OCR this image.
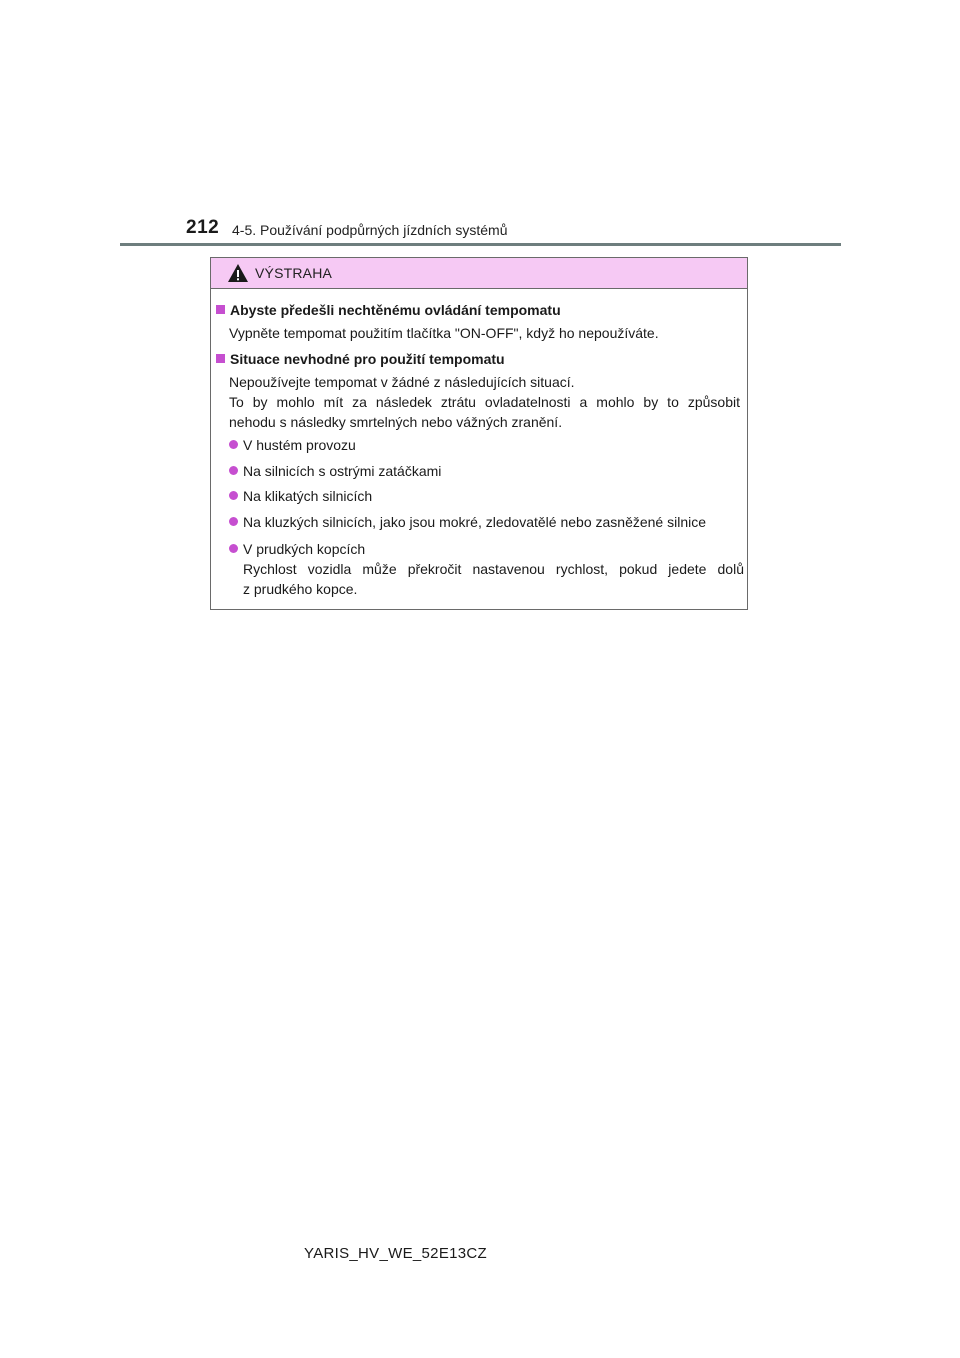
212 4-5. Používání podpůrných jízdních systémů
VÝSTRAHA
Abyste předešli nechtěnému ovládání tempomatu
Vypněte tempomat použitím tlačítka "ON-OFF", když ho nepoužíváte.
Situace nevhodné pro použití tempomatu
Nepoužívejte tempomat v žádné z následujících situací.
To by mohlo mít za následek ztrátu ovladatelnosti a mohlo by to způsobit
nehodu s následky smrtelných nebo vážných zranění.
V hustém provozu
Na silnicích s ostrými zatáčkami
Na klikatých silnicích
Na kluzkých silnicích, jako jsou mokré, zledovatělé nebo zasněžené silnice
V prudkých kopcích
Rychlost vozidla může překročit nastavenou rychlost, pokud jedete dolů
z prudkého kopce.
YARIS_HV_WE_52E13CZ
